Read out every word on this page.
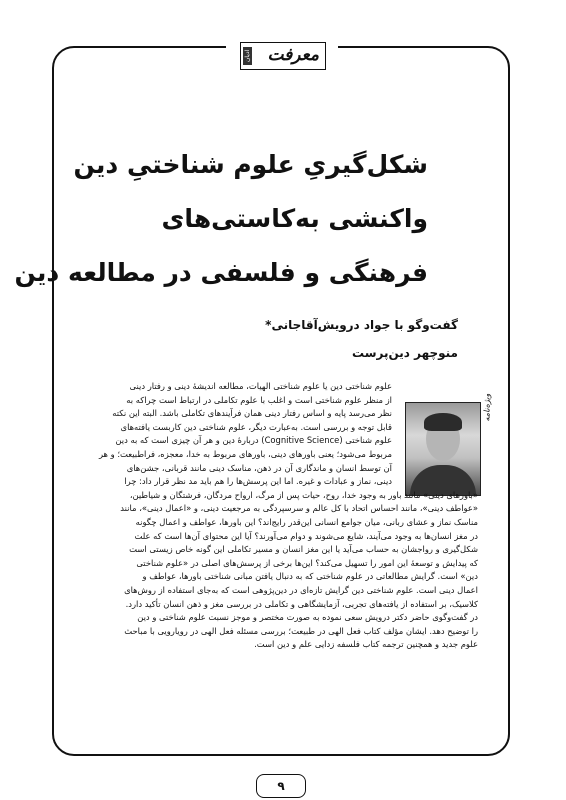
ادیان معرفت
شکل‌گیریِ علوم شناختیِ دین
واکنشی به‌کاستی‌های
فرهنگی و فلسفی در مطالعه دین
گفت‌وگو با جواد درویش‌آقاجانی*
منوچهر دین‌پرست
ویژه‌نامه

علوم شناختی دین یا علوم شناختی الهیات، مطالعه اندیشهٔ دینی و رفتار دینی

از منظر علوم شناختی است و اغلب با علوم تکاملی در ارتباط است چراکه به

نظر می‌رسد پایه و اساس رفتار دینی همان فرآیندهای تکاملی باشد. البته این نکته

قابل توجه و بررسی است. به‌عبارت دیگر، علوم شناختی دین کاربست یافته‌های

علوم شناختی (Cognitive Science) دربارهٔ دین و هر آن چیزی است که به دین

مربوط می‌شود؛ یعنی باورهای دینی، باورهای مربوط به خدا، معجزه، فراطبیعت؛ و هر

آن توسط انسان و ماندگاری آن در ذهن، مناسک دینی مانند قربانی، جشن‌های

دینی، نماز و عبادات و غیره. اما این پرسش‌ها را هم باید مد نظر قرار داد: چرا

«باورهای دینی» مانند باور به وجود خدا، روح، حیات پس از مرگ، ارواح مردگان، فرشتگان و شیاطین،

«عواطف دینی»، مانند احساس اتحاد با کل عالم و سرسپردگی به مرجعیت دینی، و «اعمال دینی»، مانند

مناسک نماز و عشای ربانی، میان جوامع انسانی این‌قدر رایج‌اند؟ این باورها، عواطف و اعمال چگونه

در مغز انسان‌ها به وجود می‌آیند، شایع می‌شوند و دوام می‌آورند؟ آیا این محتوای آن‌ها است که علت

شکل‌گیری و رواجشان به حساب می‌آید یا این مغز انسان و مسیر تکاملی این گونه خاص زیستی است

که پیدایش و توسعهٔ این امور را تسهیل می‌کند؟ این‌ها برخی از پرسش‌های اصلی در «علوم شناختی

دین» است. گرایش مطالعاتی در علوم شناختی که به دنبال یافتن مبانی شناختی باورها، عواطف و

اعمال دینی است. علوم شناختی دین گرایش تازه‌ای در دین‌پژوهی است که به‌جای استفاده از روش‌های

کلاسیک، بر استفاده از یافته‌های تجربی، آزمایشگاهی و تکاملی در بررسی مغز و ذهن انسان تأکید دارد.

در گفت‌وگوی حاضر دکتر درویش سعی نموده به صورت مختصر و موجز نسبت علوم شناختی و دین

را توضیح دهد. ایشان مؤلف کتاب فعل الهی در طبیعت؛ بررسی مسئله فعل الهی در رویارویی با مباحث

علوم جدید و همچنین ترجمه کتاب فلسفه زدایی علم و دین است.

۹
